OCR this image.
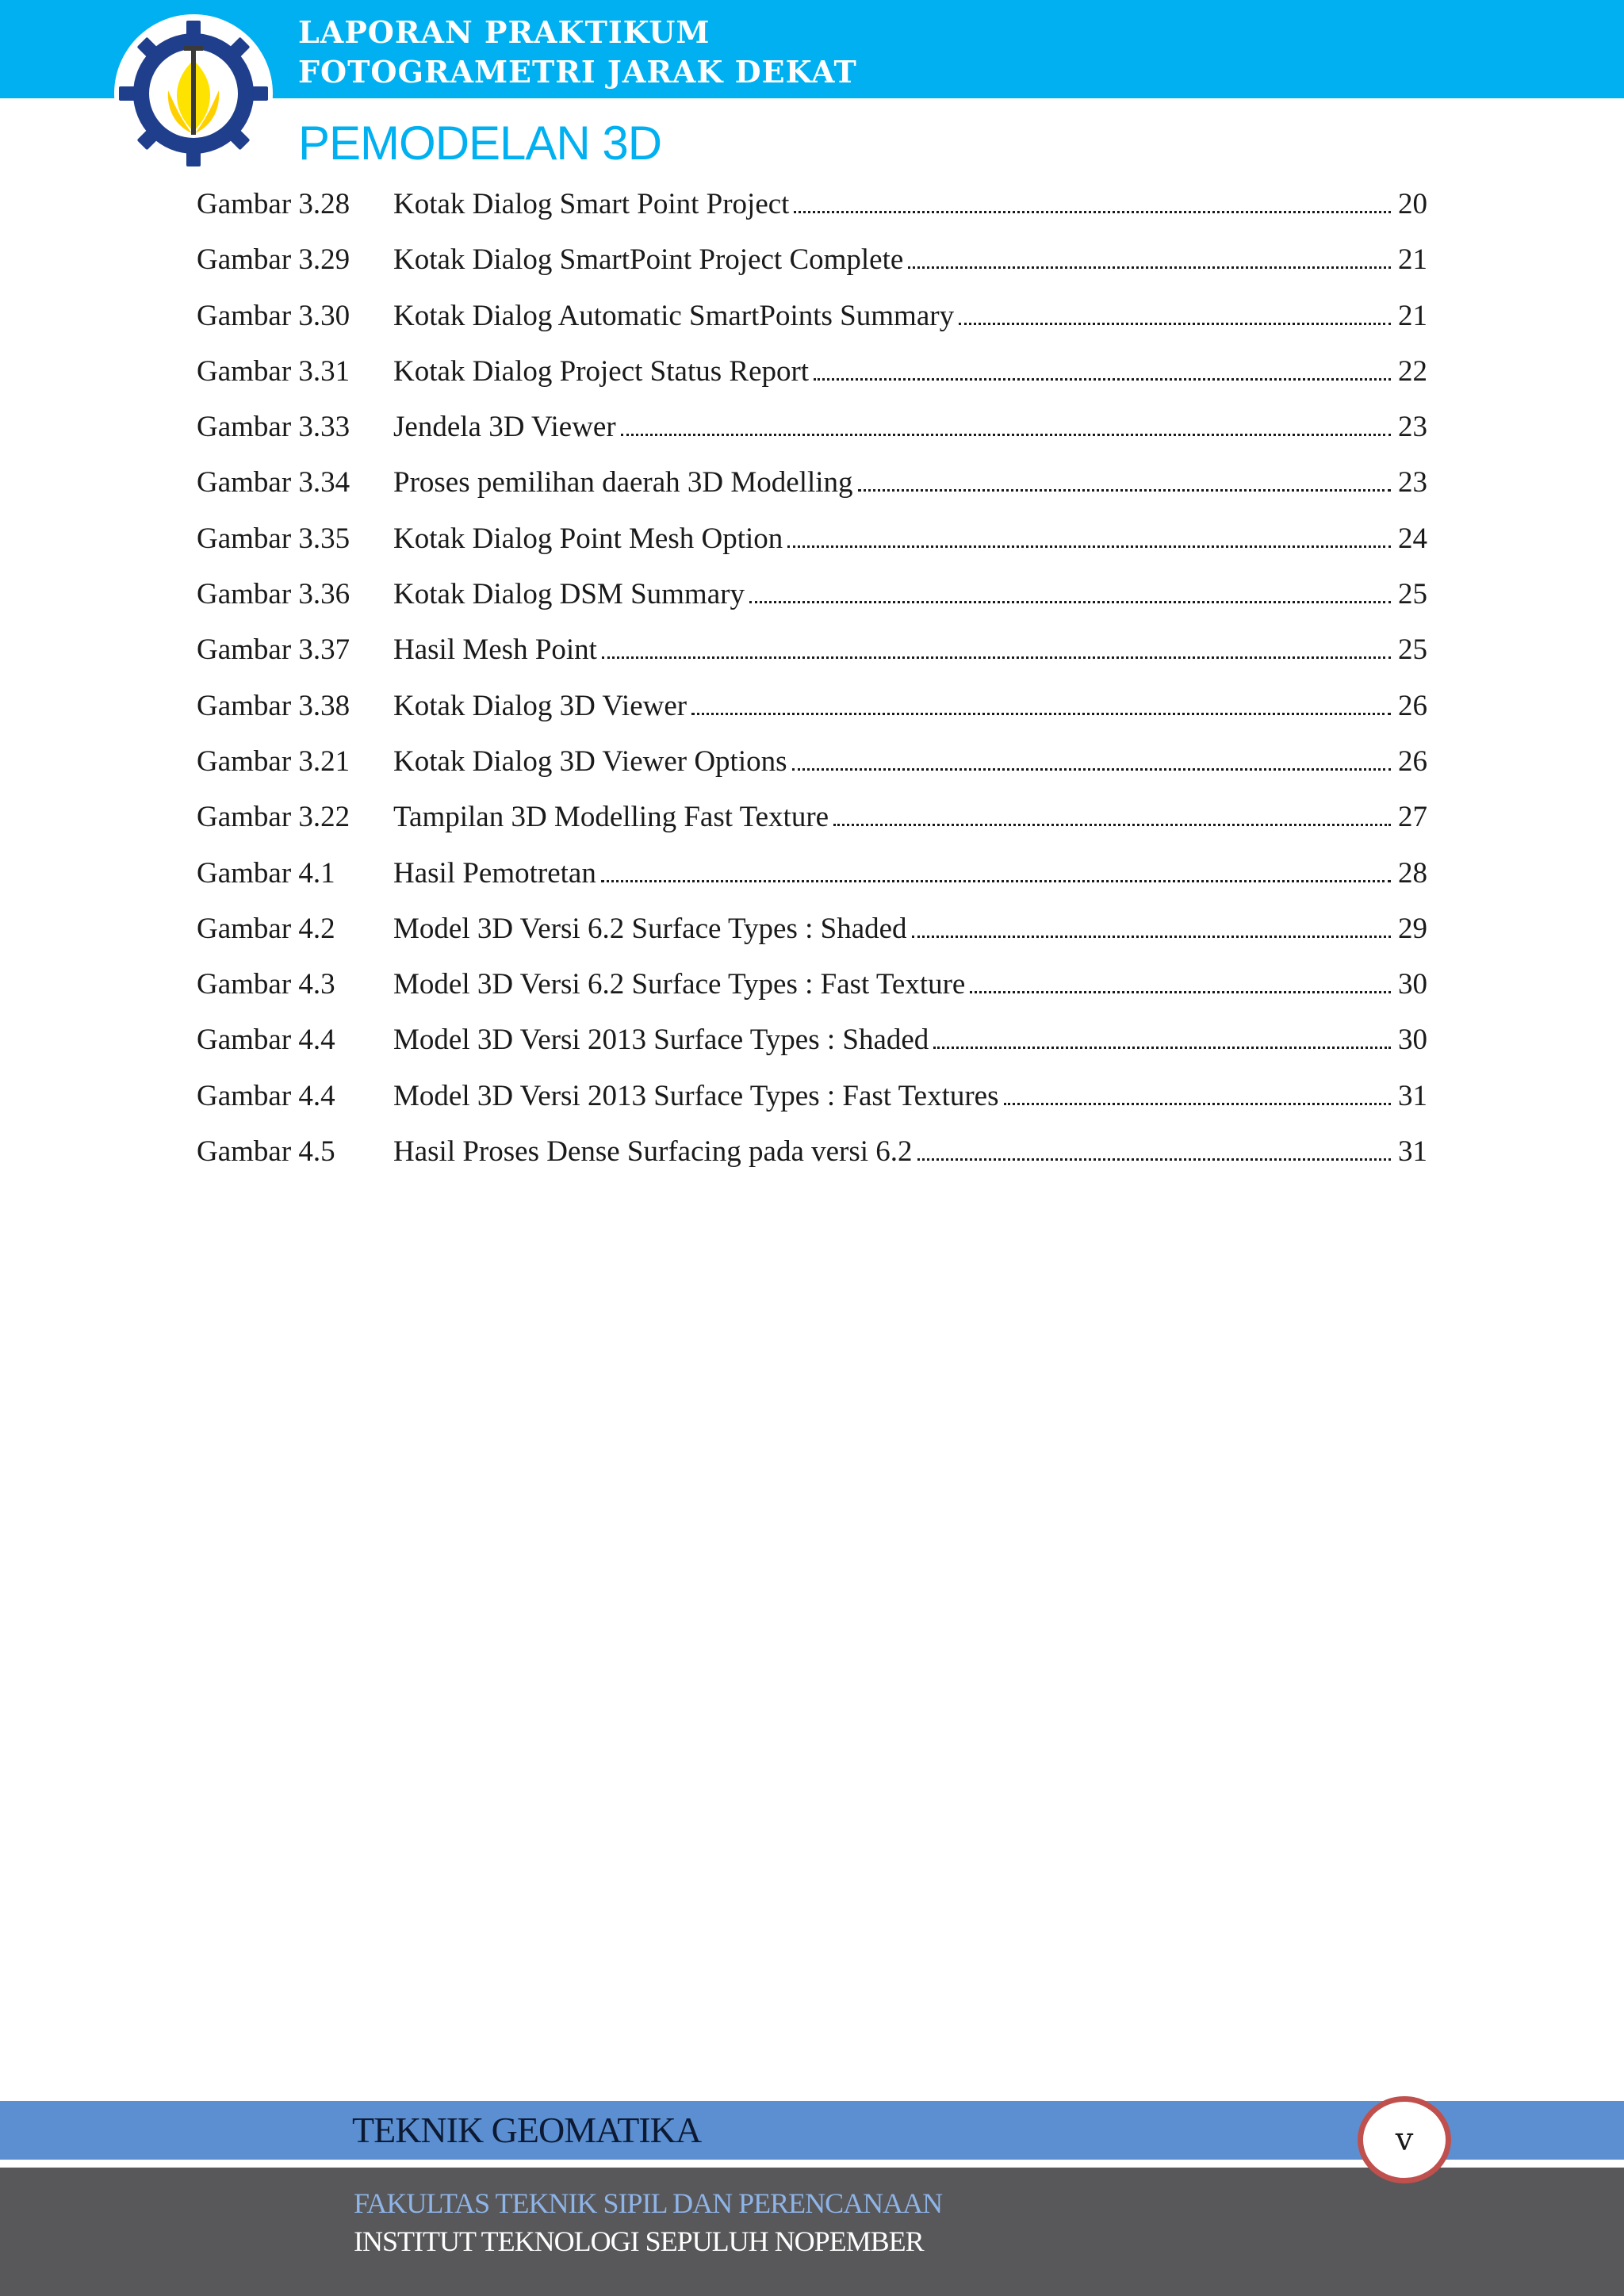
LAPORAN PRAKTIKUM
FOTOGRAMETRI JARAK DEKAT
PEMODELAN 3D
Gambar 3.28	Kotak Dialog Smart Point Project	20
Gambar 3.29	Kotak Dialog SmartPoint Project Complete	21
Gambar 3.30	Kotak Dialog Automatic SmartPoints Summary	21
Gambar 3.31	Kotak Dialog Project Status Report	22
Gambar 3.33	Jendela 3D Viewer	23
Gambar 3.34	Proses pemilihan daerah 3D Modelling	23
Gambar 3.35	Kotak Dialog Point Mesh Option	24
Gambar 3.36	Kotak Dialog DSM Summary	25
Gambar 3.37	Hasil Mesh Point	25
Gambar 3.38	Kotak Dialog 3D Viewer	26
Gambar 3.21	Kotak Dialog 3D Viewer Options	26
Gambar 3.22	Tampilan 3D Modelling Fast Texture	27
Gambar 4.1	Hasil Pemotretan	28
Gambar 4.2	Model 3D Versi 6.2 Surface Types : Shaded	29
Gambar 4.3	Model 3D Versi 6.2 Surface Types : Fast Texture	30
Gambar 4.4	Model 3D Versi 2013 Surface Types : Shaded	30
Gambar 4.4	Model 3D Versi 2013 Surface Types : Fast Textures	31
Gambar 4.5	Hasil Proses Dense Surfacing pada versi 6.2	31
TEKNIK GEOMATIKA
FAKULTAS TEKNIK SIPIL DAN PERENCANAAN
INSTITUT TEKNOLOGI SEPULUH NOPEMBER
v
